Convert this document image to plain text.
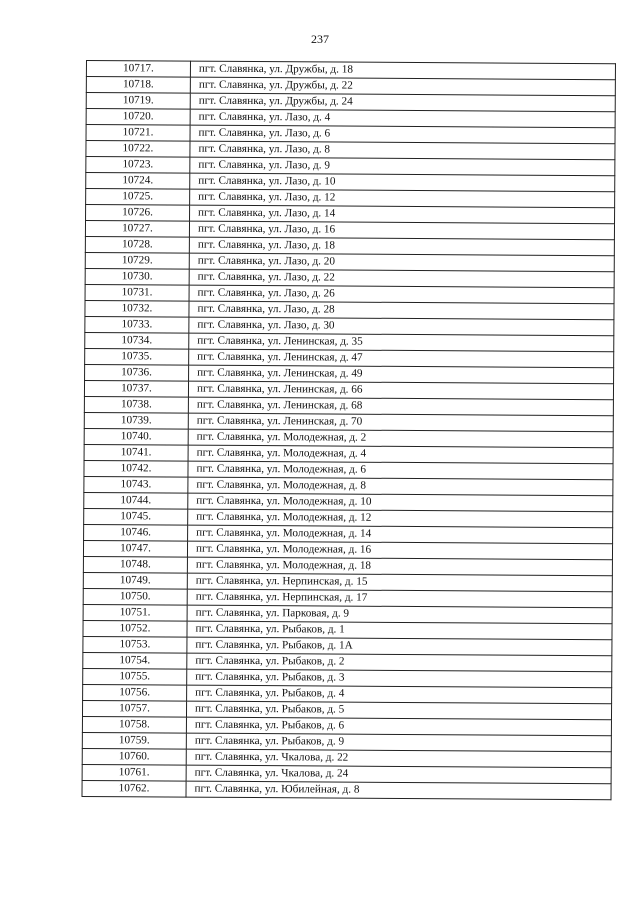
237
10717.	пгт. Славянка, ул. Дружбы, д. 18
10718.	пгт. Славянка, ул. Дружбы, д. 22
10719.	пгт. Славянка, ул. Дружбы, д. 24
10720.	пгт. Славянка, ул. Лазо, д. 4
10721.	пгт. Славянка, ул. Лазо, д. 6
10722.	пгт. Славянка, ул. Лазо, д. 8
10723.	пгт. Славянка, ул. Лазо, д. 9
10724.	пгт. Славянка, ул. Лазо, д. 10
10725.	пгт. Славянка, ул. Лазо, д. 12
10726.	пгт. Славянка, ул. Лазо, д. 14
10727.	пгт. Славянка, ул. Лазо, д. 16
10728.	пгт. Славянка, ул. Лазо, д. 18
10729.	пгт. Славянка, ул. Лазо, д. 20
10730.	пгт. Славянка, ул. Лазо, д. 22
10731.	пгт. Славянка, ул. Лазо, д. 26
10732.	пгт. Славянка, ул. Лазо, д. 28
10733.	пгт. Славянка, ул. Лазо, д. 30
10734.	пгт. Славянка, ул. Ленинская, д. 35
10735.	пгт. Славянка, ул. Ленинская, д. 47
10736.	пгт. Славянка, ул. Ленинская, д. 49
10737.	пгт. Славянка, ул. Ленинская, д. 66
10738.	пгт. Славянка, ул. Ленинская, д. 68
10739.	пгт. Славянка, ул. Ленинская, д. 70
10740.	пгт. Славянка, ул. Молодежная, д. 2
10741.	пгт. Славянка, ул. Молодежная, д. 4
10742.	пгт. Славянка, ул. Молодежная, д. 6
10743.	пгт. Славянка, ул. Молодежная, д. 8
10744.	пгт. Славянка, ул. Молодежная, д. 10
10745.	пгт. Славянка, ул. Молодежная, д. 12
10746.	пгт. Славянка, ул. Молодежная, д. 14
10747.	пгт. Славянка, ул. Молодежная, д. 16
10748.	пгт. Славянка, ул. Молодежная, д. 18
10749.	пгт. Славянка, ул. Нерпинская, д. 15
10750.	пгт. Славянка, ул. Нерпинская, д. 17
10751.	пгт. Славянка, ул. Парковая, д. 9
10752.	пгт. Славянка, ул. Рыбаков, д. 1
10753.	пгт. Славянка, ул. Рыбаков, д. 1А
10754.	пгт. Славянка, ул. Рыбаков, д. 2
10755.	пгт. Славянка, ул. Рыбаков, д. 3
10756.	пгт. Славянка, ул. Рыбаков, д. 4
10757.	пгт. Славянка, ул. Рыбаков, д. 5
10758.	пгт. Славянка, ул. Рыбаков, д. 6
10759.	пгт. Славянка, ул. Рыбаков, д. 9
10760.	пгт. Славянка, ул. Чкалова, д. 22
10761.	пгт. Славянка, ул. Чкалова, д. 24
10762.	пгт. Славянка, ул. Юбилейная, д. 8
